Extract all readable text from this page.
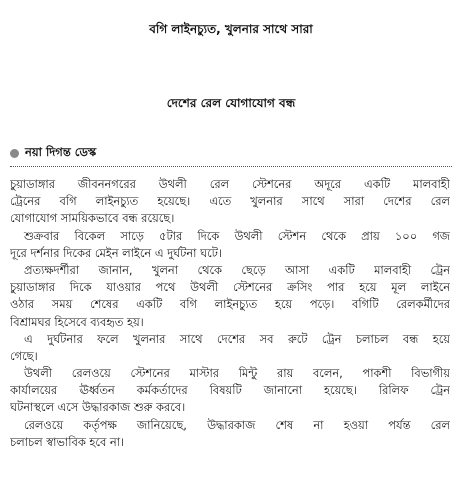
বগি লাইনচ্যুত, খুলনার সাথে সারা
দেশের রেল যোগাযোগ বন্ধ
নয়া দিগন্ত ডেস্ক
চুয়াডাঙ্গার জীবননগরের উথলী রেল স্টেশনের অদূরে একটি মালবাহী
ট্রেনের বগি লাইনচ্যুত হয়েছে। এতে খুলনার সাথে সারা দেশের রেল
যোগাযোগ সাময়িকভাবে বন্ধ রয়েছে।
শুক্রবার বিকেল সাড়ে ৫টার দিকে উথলী স্টেশন থেকে প্রায় ১০০ গজ
দূরে দর্শনার দিকের মেইন লাইনে এ দুর্ঘটনা ঘটে।
প্রত্যক্ষদর্শীরা জানান, খুলনা থেকে ছেড়ে আসা একটি মালবাহী ট্রেন
চুয়াডাঙ্গার দিকে যাওয়ার পথে উথলী স্টেশনের ক্রসিং পার হয়ে মূল লাইনে
ওঠার সময় শেষের একটি বগি লাইনচ্যুত হয়ে পড়ে। বগিটি রেলকর্মীদের
বিশ্রামঘর হিসেবে ব্যবহৃত হয়।
এ দুর্ঘটনার ফলে খুলনার সাথে দেশের সব রুটে ট্রেন চলাচল বন্ধ হয়ে
গেছে।
উথলী রেলওয়ে স্টেশনের মাস্টার মিন্টু রায় বলেন, পাকশী বিভাগীয়
কার্যালয়ের ঊর্ধ্বতন কর্মকর্তাদের বিষয়টি জানানো হয়েছে। রিলিফ ট্রেন
ঘটনাস্থলে এসে উদ্ধারকাজ শুরু করবে।
রেলওয়ে কর্তৃপক্ষ জানিয়েছে, উদ্ধারকাজ শেষ না হওয়া পর্যন্ত রেল
চলাচল স্বাভাবিক হবে না।
